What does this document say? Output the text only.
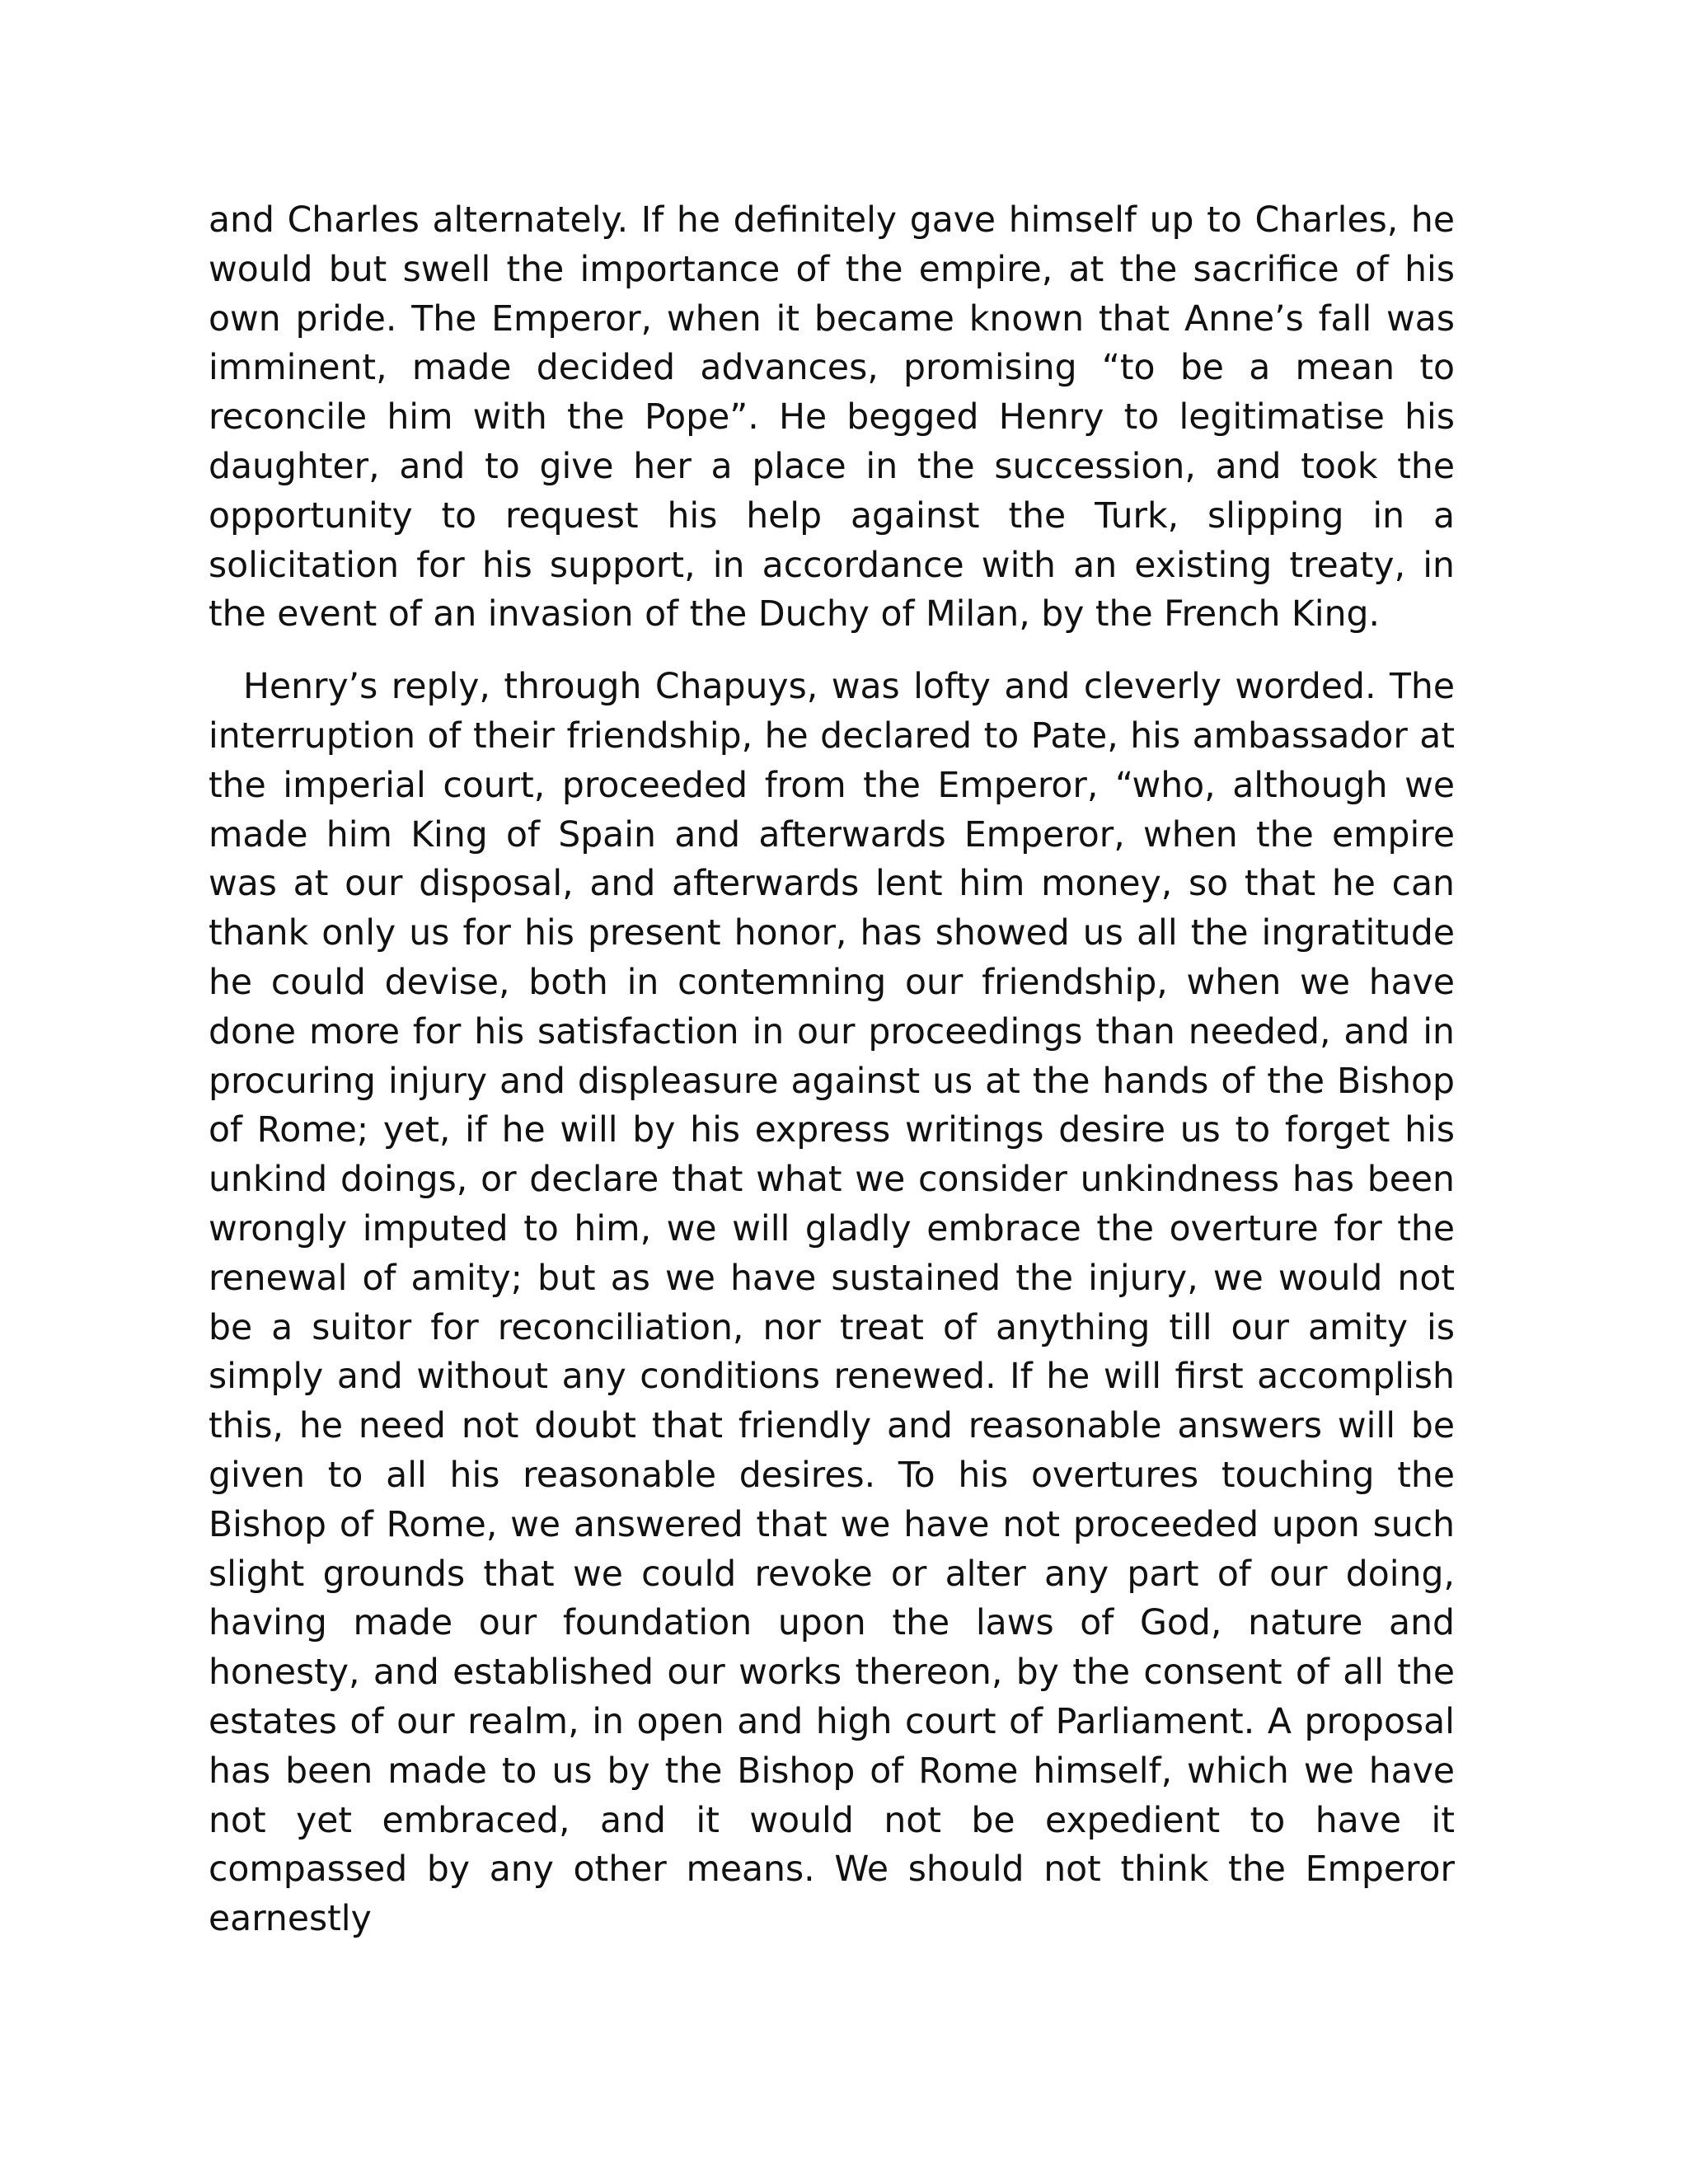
and Charles alternately. If he definitely gave himself up to Charles, he would but swell the importance of the empire, at the sacrifice of his own pride. The Emperor, when it became known that Anne’s fall was imminent, made decided advances, promising “to be a mean to reconcile him with the Pope”. He begged Henry to legitimatise his daughter, and to give her a place in the succession, and took the opportunity to request his help against the Turk, slipping in a solicitation for his support, in accordance with an existing treaty, in the event of an invasion of the Duchy of Milan, by the French King.

Henry’s reply, through Chapuys, was lofty and cleverly worded. The interruption of their friendship, he declared to Pate, his ambassador at the imperial court, proceeded from the Emperor, “who, although we made him King of Spain and afterwards Emperor, when the empire was at our disposal, and afterwards lent him money, so that he can thank only us for his present honor, has showed us all the ingratitude he could devise, both in contemning our friendship, when we have done more for his satisfaction in our proceedings than needed, and in procuring injury and displeasure against us at the hands of the Bishop of Rome; yet, if he will by his express writings desire us to forget his unkind doings, or declare that what we consider unkindness has been wrongly imputed to him, we will gladly embrace the overture for the renewal of amity; but as we have sustained the injury, we would not be a suitor for reconciliation, nor treat of anything till our amity is simply and without any conditions renewed. If he will first accomplish this, he need not doubt that friendly and reasonable answers will be given to all his reasonable desires. To his overtures touching the Bishop of Rome, we answered that we have not proceeded upon such slight grounds that we could revoke or alter any part of our doing, having made our foundation upon the laws of God, nature and honesty, and established our works thereon, by the consent of all the estates of our realm, in open and high court of Parliament. A proposal has been made to us by the Bishop of Rome himself, which we have not yet embraced, and it would not be expedient to have it compassed by any other means. We should not think the Emperor earnestly
